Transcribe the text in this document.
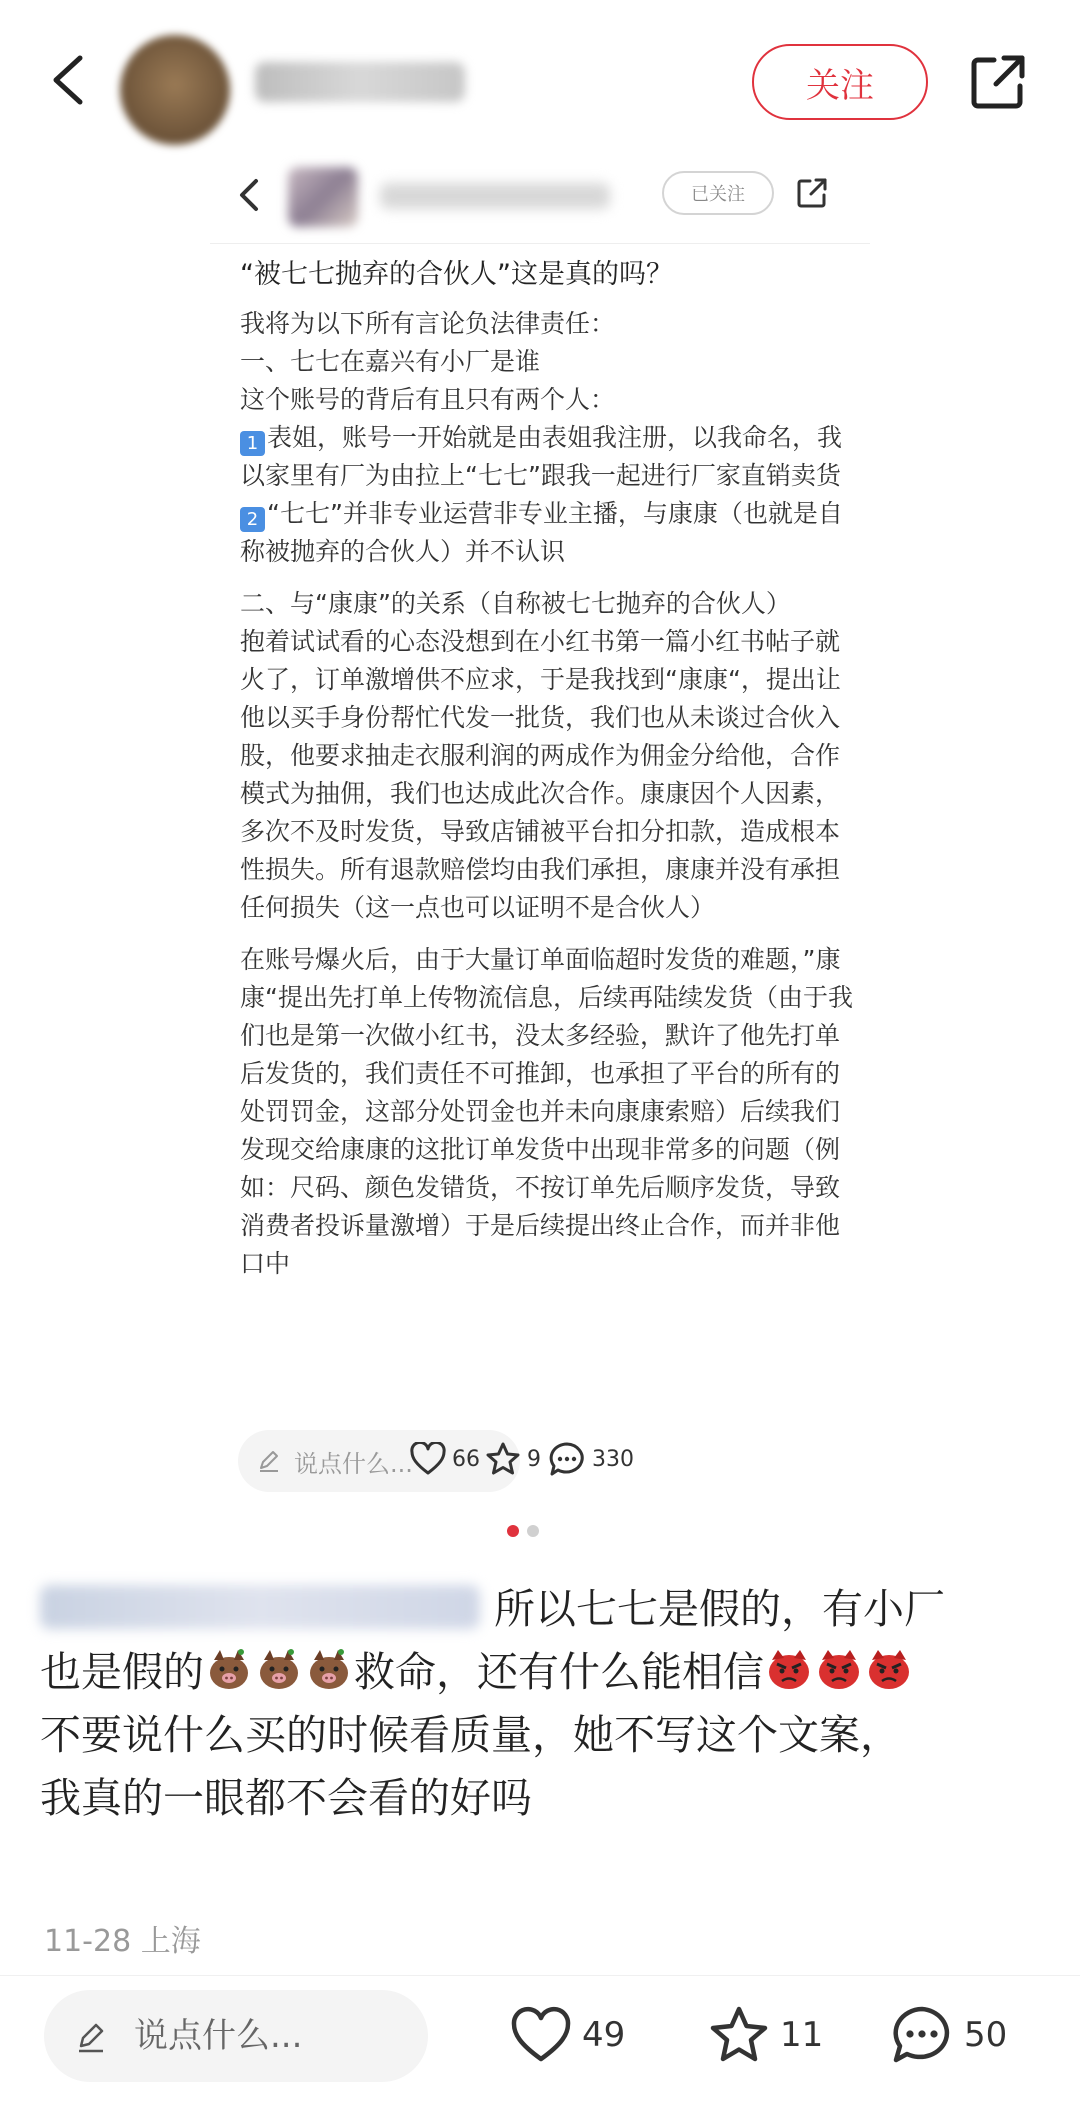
关注
已关注
“被七七抛弃的合伙人”这是真的吗？

我将为以下所有言论负法律责任：

一、七七在嘉兴有小厂是谁

这个账号的背后有且只有两个人：

1 表姐，账号一开始就是由表姐我注册，以我命名，我以家里有厂为由拉上“七七”跟我一起进行厂家直销卖货

2 “七七”并非专业运营非专业主播，与康康（也就是自称被抛弃的合伙人）并不认识

二、与“康康”的关系（自称被七七抛弃的合伙人）

抱着试试看的心态没想到在小红书第一篇小红书帖子就火了，订单激增供不应求，于是我找到“康康“，提出让他以买手身份帮忙代发一批货，我们也从未谈过合伙入股，他要求抽走衣服利润的两成作为佣金分给他，合作模式为抽佣，我们也达成此次合作。康康因个人因素，多次不及时发货，导致店铺被平台扣分扣款，造成根本性损失。所有退款赔偿均由我们承担，康康并没有承担任何损失（这一点也可以证明不是合伙人）

在账号爆火后，由于大量订单面临超时发货的难题，”康康“提出先打单上传物流信息，后续再陆续发货（由于我们也是第一次做小红书，没太多经验，默许了他先打单后发货的，我们责任不可推卸，也承担了平台的所有的处罚罚金，这部分处罚金也并未向康康索赔）后续我们发现交给康康的这批订单发货中出现非常多的问题（例如：尺码、颜色发错货，不按订单先后顺序发货，导致消费者投诉量激增）于是后续提出终止合作，而并非他口中

说点什么... 66 9 330

所以七七是假的，有小厂

也是假的	救命，还有什么能相信

不要说什么买的时候看质量，她不写这个文案，

我真的一眼都不会看的好吗

11-28 上海
说点什么...	49	11	50
